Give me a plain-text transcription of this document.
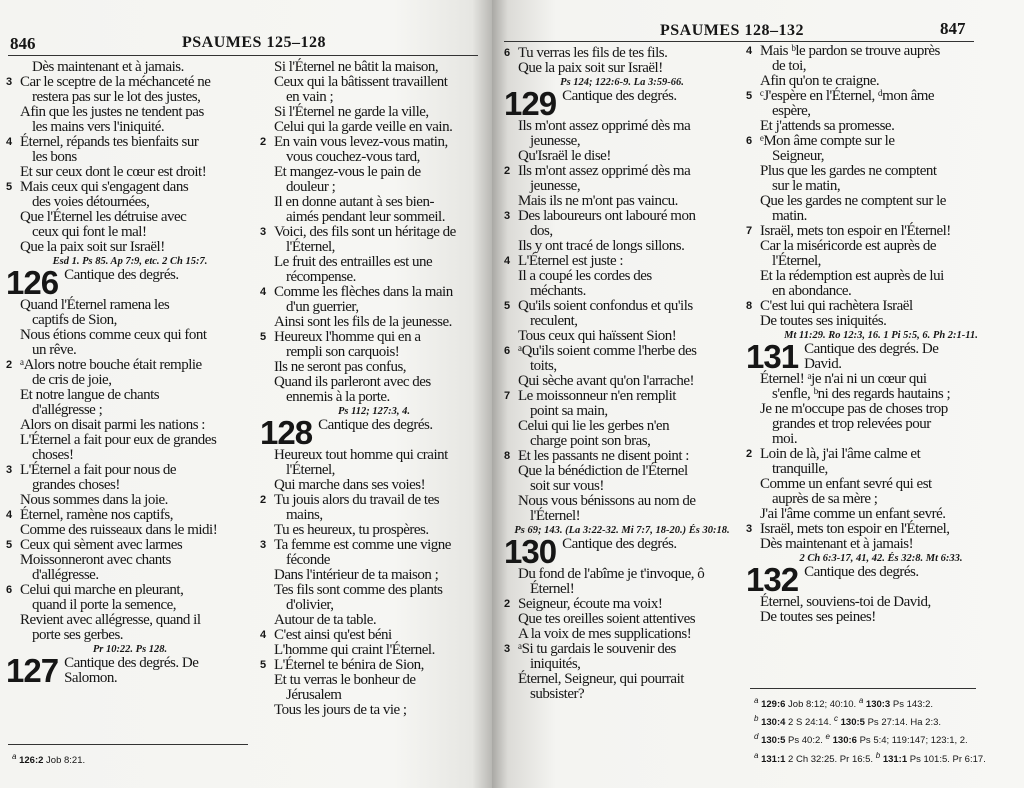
846	PSAUMES 125–128
Dès maintenant et à jamais.
3 Car le sceptre de la méchanceté ne
restera pas sur le lot des justes,
Afin que les justes ne tendent pas
les mains vers l'iniquité.
4 Éternel, répands tes bienfaits sur
les bons
Et sur ceux dont le cœur est droit!
5 Mais ceux qui s'engagent dans
des voies détournées,
Que l'Éternel les détruise avec
ceux qui font le mal!
Que la paix soit sur Israël!
Esd 1. Ps 85. Ap 7:9, etc. 2 Ch 15:7.
126 Cantique des degrés.
Quand l'Éternel ramena les
captifs de Sion,
Nous étions comme ceux qui font
un rêve.
2 ᵃAlors notre bouche était remplie
de cris de joie,
Et notre langue de chants
d'allégresse ;
Alors on disait parmi les nations :
L'Éternel a fait pour eux de grandes
choses!
3 L'Éternel a fait pour nous de
grandes choses!
Nous sommes dans la joie.
4 Éternel, ramène nos captifs,
Comme des ruisseaux dans le midi!
5 Ceux qui sèment avec larmes
Moissonneront avec chants
d'allégresse.
6 Celui qui marche en pleurant,
quand il porte la semence,
Revient avec allégresse, quand il
porte ses gerbes.
Pr 10:22. Ps 128.
127 Cantique des degrés. De
Salomon.
Si l'Éternel ne bâtit la maison,
Ceux qui la bâtissent travaillent
en vain ;
Si l'Éternel ne garde la ville,
Celui qui la garde veille en vain.
2 En vain vous levez-vous matin,
vous couchez-vous tard,
Et mangez-vous le pain de
douleur ;
Il en donne autant à ses bien-
aimés pendant leur sommeil.
3 Voici, des fils sont un héritage de
l'Éternel,
Le fruit des entrailles est une
récompense.
4 Comme les flèches dans la main
d'un guerrier,
Ainsi sont les fils de la jeunesse.
5 Heureux l'homme qui en a
rempli son carquois!
Ils ne seront pas confus,
Quand ils parleront avec des
ennemis à la porte.
Ps 112; 127:3, 4.
128 Cantique des degrés.
Heureux tout homme qui craint
l'Éternel,
Qui marche dans ses voies!
2 Tu jouis alors du travail de tes
mains,
Tu es heureux, tu prospères.
3 Ta femme est comme une vigne
féconde
Dans l'intérieur de ta maison ;
Tes fils sont comme des plants
d'olivier,
Autour de ta table.
4 C'est ainsi qu'est béni
L'homme qui craint l'Éternel.
5 L'Éternel te bénira de Sion,
Et tu verras le bonheur de
Jérusalem
Tous les jours de ta vie ;
$^a$ 126:2 Job 8:21.
PSAUMES 128–132	847
6 Tu verras les fils de tes fils.
Que la paix soit sur Israël!
Ps 124; 122:6-9. La 3:59-66.
129 Cantique des degrés.
Ils m'ont assez opprimé dès ma
jeunesse,
Qu'Israël le dise!
2 Ils m'ont assez opprimé dès ma
jeunesse,
Mais ils ne m'ont pas vaincu.
3 Des laboureurs ont labouré mon
dos,
Ils y ont tracé de longs sillons.
4 L'Éternel est juste :
Il a coupé les cordes des
méchants.
5 Qu'ils soient confondus et qu'ils
reculent,
Tous ceux qui haïssent Sion!
6 ᵃQu'ils soient comme l'herbe des
toits,
Qui sèche avant qu'on l'arrache!
7 Le moissonneur n'en remplit
point sa main,
Celui qui lie les gerbes n'en
charge point son bras,
8 Et les passants ne disent point :
Que la bénédiction de l'Éternel
soit sur vous!
Nous vous bénissons au nom de
l'Éternel!
Ps 69; 143. (La 3:22-32. Mi 7:7, 18-20.) És 30:18.
130 Cantique des degrés.
Du fond de l'abîme je t'invoque, ô
Éternel!
2 Seigneur, écoute ma voix!
Que tes oreilles soient attentives
A la voix de mes supplications!
3 ᵃSi tu gardais le souvenir des
iniquités,
Éternel, Seigneur, qui pourrait
subsister?
4 Mais ᵇle pardon se trouve auprès
de toi,
Afin qu'on te craigne.
5 ᶜJ'espère en l'Éternel, ᵈmon âme
espère,
Et j'attends sa promesse.
6 ᵉMon âme compte sur le
Seigneur,
Plus que les gardes ne comptent
sur le matin,
Que les gardes ne comptent sur le
matin.
7 Israël, mets ton espoir en l'Éternel!
Car la miséricorde est auprès de
l'Éternel,
Et la rédemption est auprès de lui
en abondance.
8 C'est lui qui rachètera Israël
De toutes ses iniquités.
Mt 11:29. Ro 12:3, 16. 1 Pi 5:5, 6. Ph 2:1-11.
131 Cantique des degrés. De
David.
Éternel! ᵃje n'ai ni un cœur qui
s'enfle, ᵇni des regards hautains ;
Je ne m'occupe pas de choses trop
grandes et trop relevées pour
moi.
2 Loin de là, j'ai l'âme calme et
tranquille,
Comme un enfant sevré qui est
auprès de sa mère ;
J'ai l'âme comme un enfant sevré.
3 Israël, mets ton espoir en l'Éternel,
Dès maintenant et à jamais!
2 Ch 6:3-17, 41, 42. És 32:8. Mt 6:33.
132 Cantique des degrés.
Éternel, souviens-toi de David,
De toutes ses peines!
$^a$ 129:6 Job 8:12; 40:10. $^a$ 130:3 Ps 143:2.
$^b$ 130:4 2 S 24:14. $^c$ 130:5 Ps 27:14. Ha 2:3.
$^d$ 130:5 Ps 40:2. $^e$ 130:6 Ps 5:4; 119:147; 123:1, 2.
$^a$ 131:1 2 Ch 32:25. Pr 16:5. $^b$ 131:1 Ps 101:5. Pr 6:17.
